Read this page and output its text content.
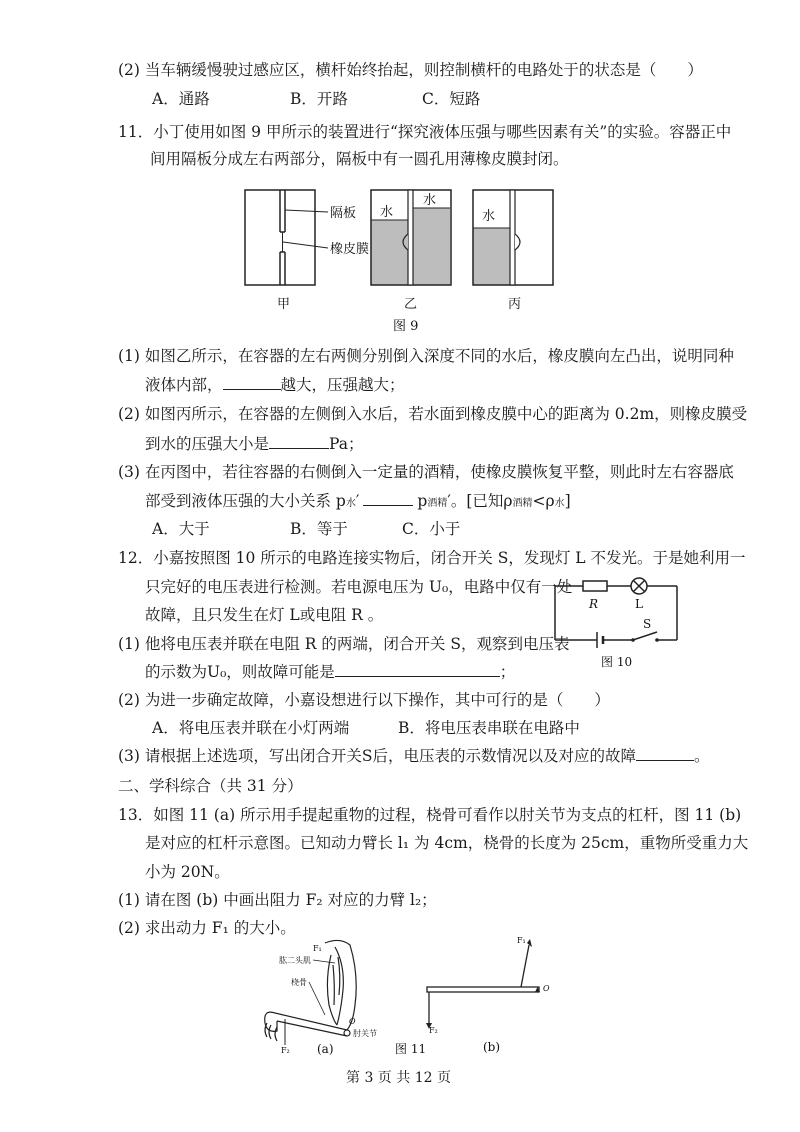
(2) 当车辆缓慢驶过感应区，横杆始终抬起，则控制横杆的电路处于的状态是（　　）
A．通路	B．开路	C．短路
11．小丁使用如图 9 甲所示的装置进行“探究液体压强与哪些因素有关”的实验。容器正中
间用隔板分成左右两部分，隔板中有一圆孔用薄橡皮膜封闭。
隔板
橡皮膜
水
水
水
甲	乙	丙
图 9
(1) 如图乙所示，在容器的左右两侧分别倒入深度不同的水后，橡皮膜向左凸出，说明同种
液体内部，	越大，压强越大；
(2) 如图丙所示，在容器的左侧倒入水后，若水面到橡皮膜中心的距离为 0.2m，则橡皮膜受
到水的压强大小是	Pa；
(3) 在丙图中，若往容器的右侧倒入一定量的酒精，使橡皮膜恢复平整，则此时左右容器底
部受到液体压强的大小关系 p水′	p酒精′。[已知ρ酒精<ρ水]
A．大于	B．等于	C．小于
12．小嘉按照图 10 所示的电路连接实物后，闭合开关 S，发现灯 L 不发光。于是她利用一
只完好的电压表进行检测。若电源电压为 U₀，电路中仅有一处
故障，且只发生在灯 L或电阻 R 。
R	L
S
图 10
(1) 他将电压表并联在电阻 R 的两端，闭合开关 S，观察到电压表
的示数为U₀，则故障可能是	；
(2) 为进一步确定故障，小嘉设想进行以下操作，其中可行的是（　　）
A．将电压表并联在小灯两端	B．将电压表串联在电路中
(3) 请根据上述选项，写出闭合开关S后，电压表的示数情况以及对应的故障	。
二、学科综合（共 31 分）
13．如图 11 (a) 所示用手提起重物的过程，桡骨可看作以肘关节为支点的杠杆，图 11 (b)
是对应的杠杆示意图。已知动力臂长 l₁ 为 4cm，桡骨的长度为 25cm，重物所受重力大
小为 20N。
(1) 请在图 (b) 中画出阻力 F₂ 对应的力臂 l₂；
(2) 求出动力 F₁ 的大小。
肱二头肌
F₁
桡骨
O
肘关节
F₂ (a)	图 11
F₁
O
F₂
(b)
第 3 页 共 12 页
